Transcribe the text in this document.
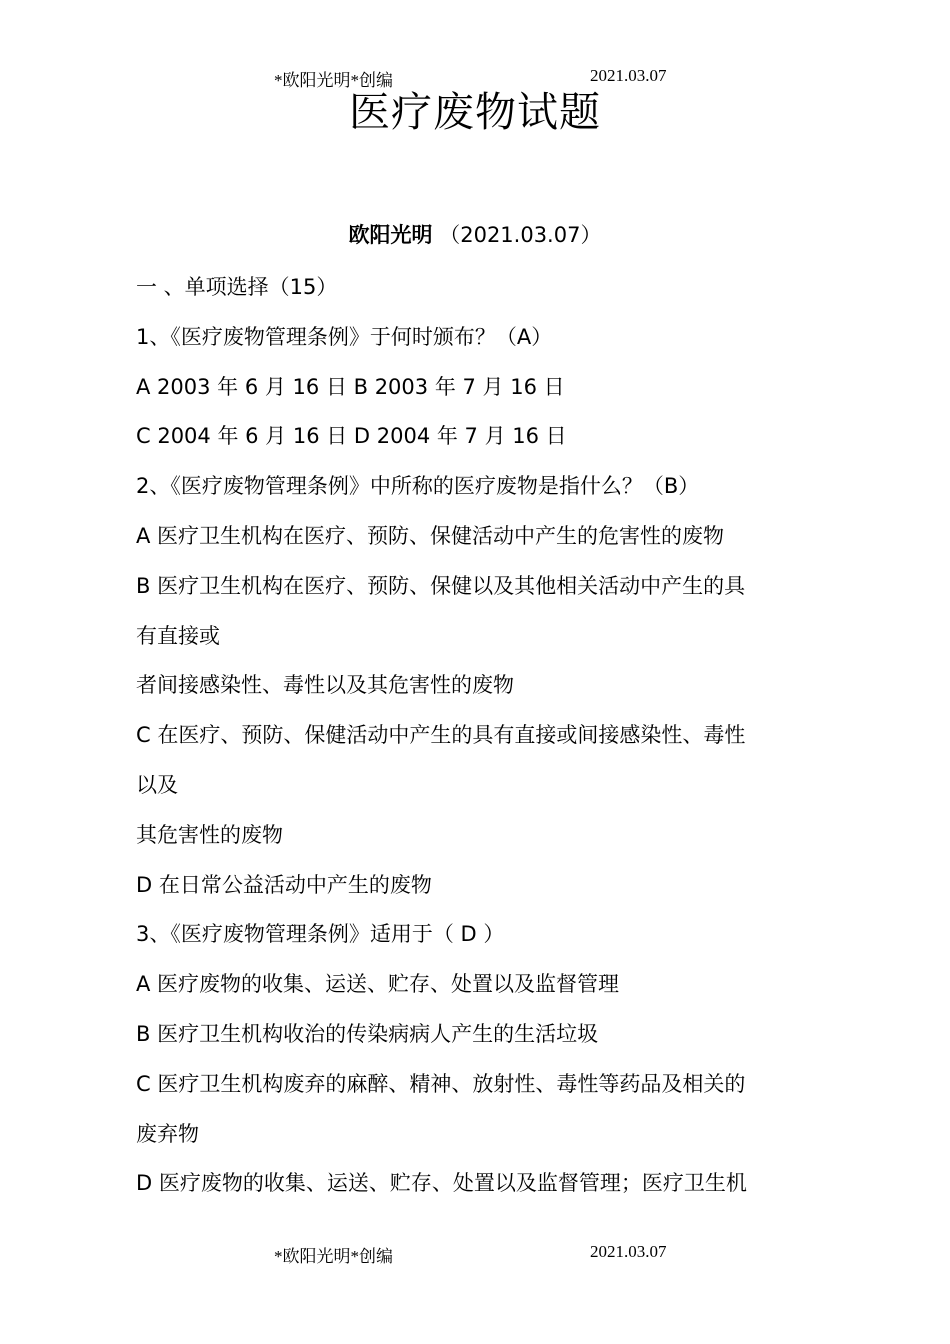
*欧阳光明*创编	2021.03.07
医疗废物试题
欧阳光明 （2021.03.07）
一 、单项选择（15）
1、《医疗废物管理条例》于何时颁布？（A）
A 2003 年 6 月 16 日 B 2003 年 7 月 16 日
C 2004 年 6 月 16 日 D 2004 年 7 月 16 日
2、《医疗废物管理条例》中所称的医疗废物是指什么？（B）
A 医疗卫生机构在医疗、预防、保健活动中产生的危害性的废物
B 医疗卫生机构在医疗、预防、保健以及其他相关活动中产生的具
有直接或
者间接感染性、毒性以及其危害性的废物
C 在医疗、预防、保健活动中产生的具有直接或间接感染性、毒性
以及
其危害性的废物
D 在日常公益活动中产生的废物
3、《医疗废物管理条例》适用于（ D ）
A 医疗废物的收集、运送、贮存、处置以及监督管理
B 医疗卫生机构收治的传染病病人产生的生活垃圾
C 医疗卫生机构废弃的麻醉、精神、放射性、毒性等药品及相关的
废弃物
D 医疗废物的收集、运送、贮存、处置以及监督管理；医疗卫生机
*欧阳光明*创编	2021.03.07
